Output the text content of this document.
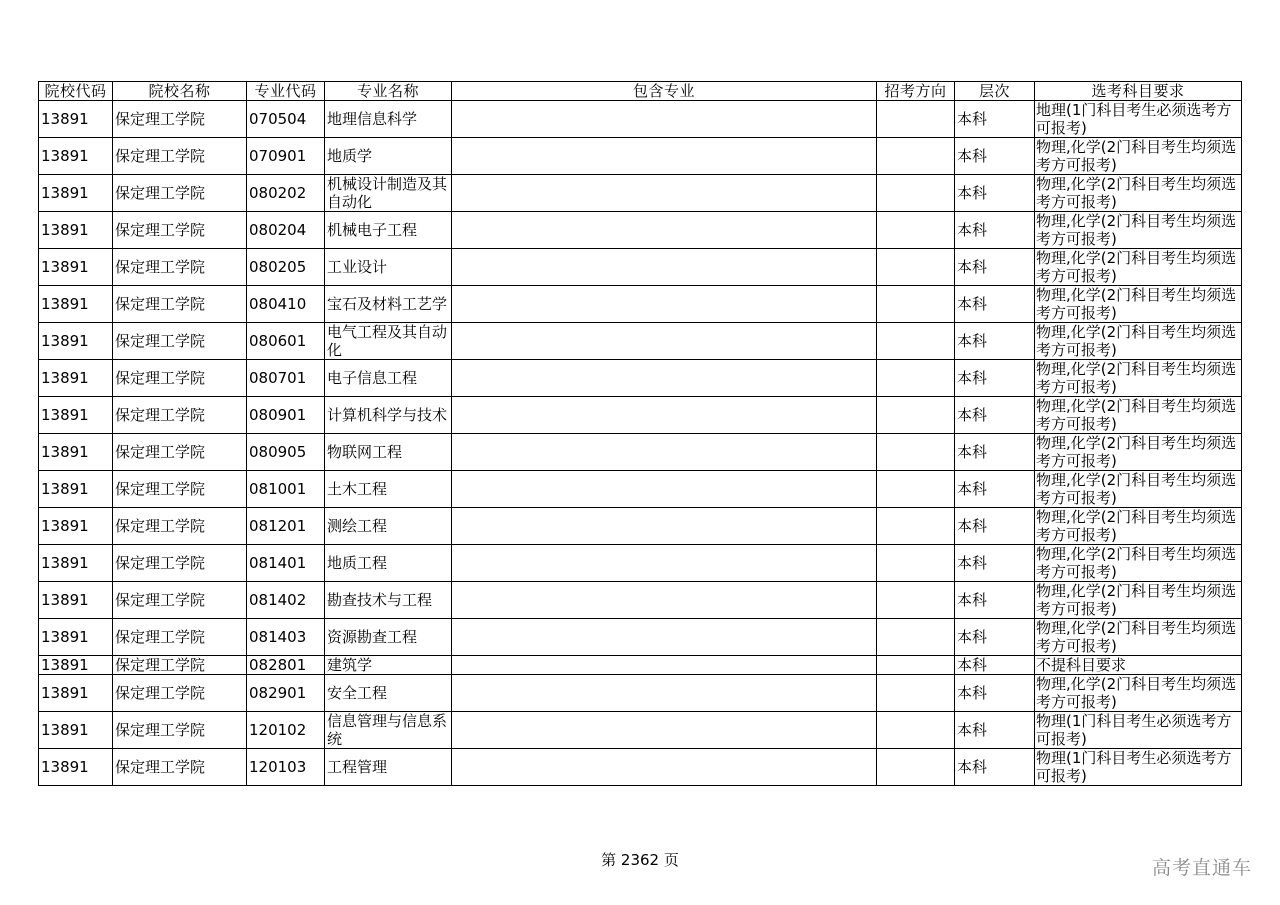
院校代码	院校名称	专业代码	专业名称	包含专业	招考方向	层次	选考科目要求
13891	保定理工学院	070504	地理信息科学			本科	地理(1门科目考生必须选考方可报考)
13891	保定理工学院	070901	地质学			本科	物理,化学(2门科目考生均须选考方可报考)
13891	保定理工学院	080202	机械设计制造及其自动化			本科	物理,化学(2门科目考生均须选考方可报考)
13891	保定理工学院	080204	机械电子工程			本科	物理,化学(2门科目考生均须选考方可报考)
13891	保定理工学院	080205	工业设计			本科	物理,化学(2门科目考生均须选考方可报考)
13891	保定理工学院	080410	宝石及材料工艺学			本科	物理,化学(2门科目考生均须选考方可报考)
13891	保定理工学院	080601	电气工程及其自动化			本科	物理,化学(2门科目考生均须选考方可报考)
13891	保定理工学院	080701	电子信息工程			本科	物理,化学(2门科目考生均须选考方可报考)
13891	保定理工学院	080901	计算机科学与技术			本科	物理,化学(2门科目考生均须选考方可报考)
13891	保定理工学院	080905	物联网工程			本科	物理,化学(2门科目考生均须选考方可报考)
13891	保定理工学院	081001	土木工程			本科	物理,化学(2门科目考生均须选考方可报考)
13891	保定理工学院	081201	测绘工程			本科	物理,化学(2门科目考生均须选考方可报考)
13891	保定理工学院	081401	地质工程			本科	物理,化学(2门科目考生均须选考方可报考)
13891	保定理工学院	081402	勘查技术与工程			本科	物理,化学(2门科目考生均须选考方可报考)
13891	保定理工学院	081403	资源勘查工程			本科	物理,化学(2门科目考生均须选考方可报考)
13891	保定理工学院	082801	建筑学			本科	不提科目要求
13891	保定理工学院	082901	安全工程			本科	物理,化学(2门科目考生均须选考方可报考)
13891	保定理工学院	120102	信息管理与信息系统			本科	物理(1门科目考生必须选考方可报考)
13891	保定理工学院	120103	工程管理			本科	物理(1门科目考生必须选考方可报考)
第 2362 页	高考直通车
